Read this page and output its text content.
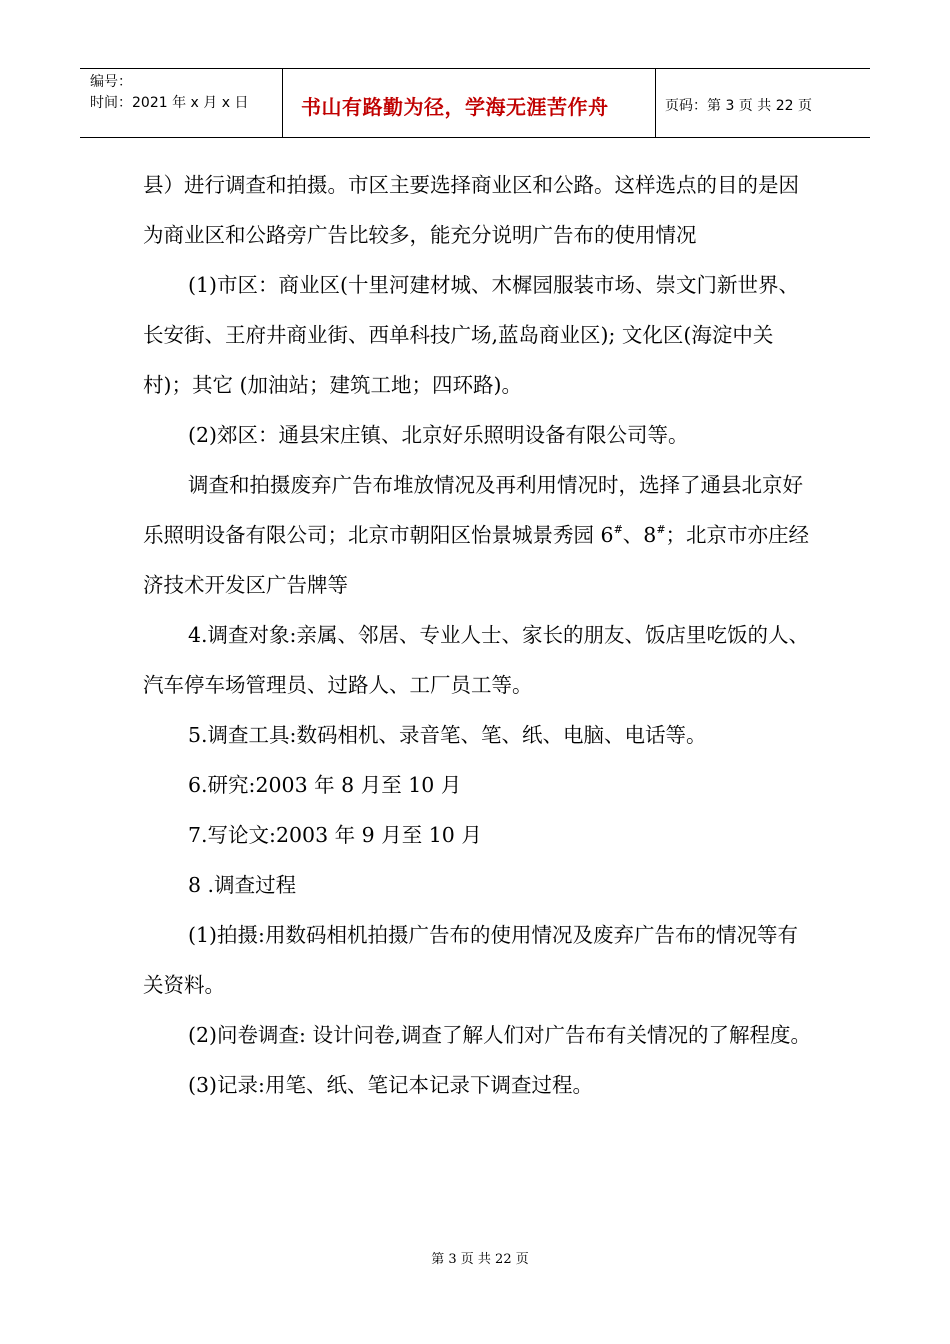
编号：
时间：2021 年 x 月 x 日	书山有路勤为径，学海无涯苦作舟	页码：第 3 页 共 22 页

县）进行调查和拍摄。市区主要选择商业区和公路。这样选点的目的是因为商业区和公路旁广告比较多，能充分说明广告布的使用情况

(1)市区：商业区(十里河建材城、木樨园服装市场、崇文门新世界、长安街、王府井商业街、西单科技广场,蓝岛商业区); 文化区(海淀中关村)；其它 (加油站；建筑工地；四环路)。

(2)郊区：通县宋庄镇、北京好乐照明设备有限公司等。

调查和拍摄废弃广告布堆放情况及再利用情况时，选择了通县北京好乐照明设备有限公司；北京市朝阳区怡景城景秀园 6#、8#；北京市亦庄经济技术开发区广告牌等

4.调查对象:亲属、邻居、专业人士、家长的朋友、饭店里吃饭的人、汽车停车场管理员、过路人、工厂员工等。

5.调查工具:数码相机、录音笔、笔、纸、电脑、电话等。

6.研究:2003 年 8 月至 10 月

7.写论文:2003 年 9 月至 10 月

8 .调查过程

(1)拍摄:用数码相机拍摄广告布的使用情况及废弃广告布的情况等有关资料。

(2)问卷调查: 设计问卷,调查了解人们对广告布有关情况的了解程度。

(3)记录:用笔、纸、笔记本记录下调查过程。

第 3 页 共 22 页
